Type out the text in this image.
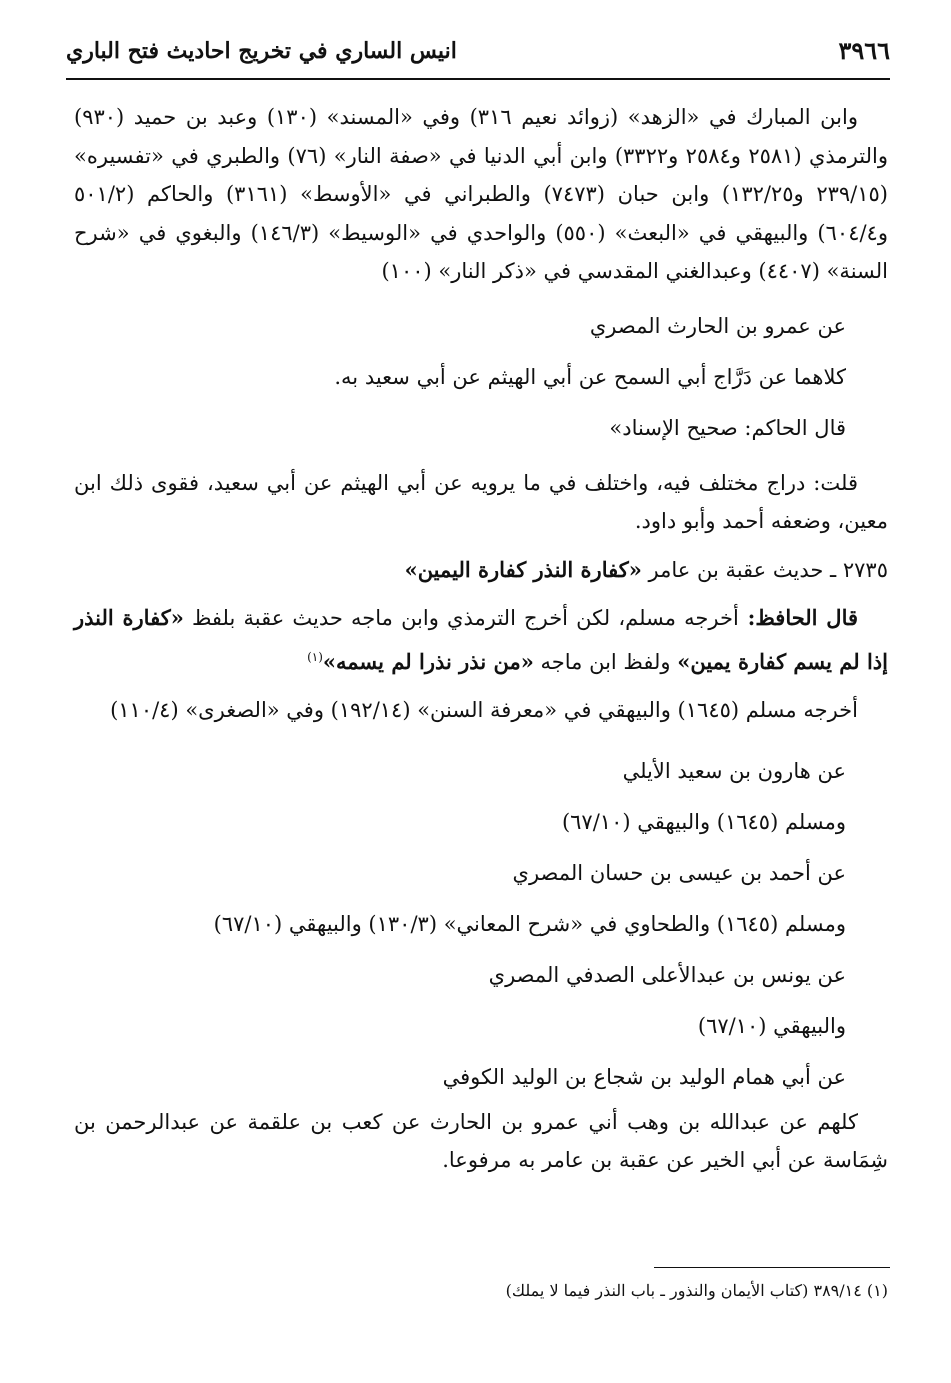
٣٩٦٦
انيس الساري في تخريج احاديث فتح الباري

وابن المبارك في «الزهد» (زوائد نعيم ٣١٦) وفي «المسند» (١٣٠) وعبد بن حميد (٩٣٠) والترمذي (٢٥٨١ و٢٥٨٤ و٣٣٢٢) وابن أبي الدنيا في «صفة النار» (٧٦) والطبري في «تفسيره» (٢٣٩/١٥ و١٣٢/٢٥) وابن حبان (٧٤٧٣) والطبراني في «الأوسط» (٣١٦١) والحاكم (٥٠١/٢ و٦٠٤/٤) والبيهقي في «البعث» (٥٥٠) والواحدي في «الوسيط» (١٤٦/٣) والبغوي في «شرح السنة» (٤٤٠٧) وعبدالغني المقدسي في «ذكر النار» (١٠٠)

عن عمرو بن الحارث المصري

كلاهما عن دَرَّاج أبي السمح عن أبي الهيثم عن أبي سعيد به.

قال الحاكم: صحيح الإسناد»

قلت: دراج مختلف فيه، واختلف في ما يرويه عن أبي الهيثم عن أبي سعيد، فقوى ذلك ابن معين، وضعفه أحمد وأبو داود.

٢٧٣٥ ـ حديث عقبة بن عامر «كفارة النذر كفارة اليمين»

قال الحافظ: أخرجه مسلم، لكن أخرج الترمذي وابن ماجه حديث عقبة بلفظ «كفارة النذر إذا لم يسم كفارة يمين» ولفظ ابن ماجه «من نذر نذرا لم يسمه»$^{(١)}$

أخرجه مسلم (١٦٤٥) والبيهقي في «معرفة السنن» (١٩٢/١٤) وفي «الصغرى» (١١٠/٤)

عن هارون بن سعيد الأيلي

ومسلم (١٦٤٥) والبيهقي (٦٧/١٠)

عن أحمد بن عيسى بن حسان المصري

ومسلم (١٦٤٥) والطحاوي في «شرح المعاني» (١٣٠/٣) والبيهقي (٦٧/١٠)

عن يونس بن عبدالأعلى الصدفي المصري

والبيهقي (٦٧/١٠)

عن أبي همام الوليد بن شجاع بن الوليد الكوفي

كلهم عن عبدالله بن وهب أني عمرو بن الحارث عن كعب بن علقمة عن عبدالرحمن بن شِمَاسة عن أبي الخير عن عقبة بن عامر به مرفوعا.

(١) ٣٨٩/١٤ (كتاب الأيمان والنذور ـ باب النذر فيما لا يملك)
